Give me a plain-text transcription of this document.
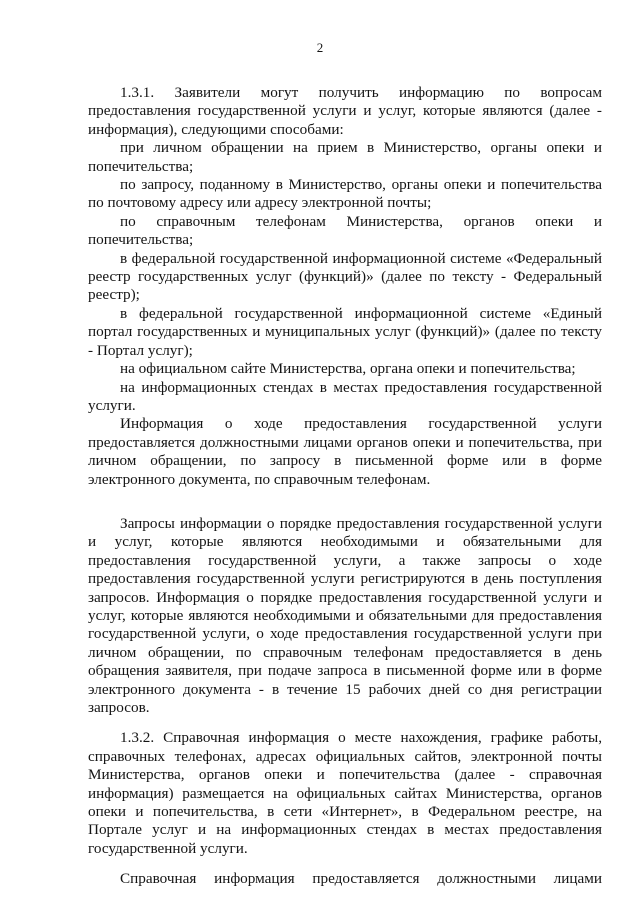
2

1.3.1. Заявители могут получить информацию по вопросам предоставления государственной услуги и услуг, которые являются (далее - информация), следующими способами:

при личном обращении на прием в Министерство, органы опеки и попечительства;

по запросу, поданному в Министерство, органы опеки и попечительства по почтовому адресу или адресу электронной почты;

по справочным телефонам Министерства, органов опеки и попечительства;

в федеральной государственной информационной системе «Федеральный реестр государственных услуг (функций)» (далее по тексту - Федеральный реестр);

в федеральной государственной информационной системе «Единый портал государственных и муниципальных услуг (функций)» (далее по тексту - Портал услуг);

на официальном сайте Министерства, органа опеки и попечительства;

на информационных стендах в местах предоставления государственной услуги.

Информация о ходе предоставления государственной услуги предоставляется должностными лицами органов опеки и попечительства, при личном обращении, по запросу в письменной форме или в форме электронного документа, по справочным телефонам.

Запросы информации о порядке предоставления государственной услуги и услуг, которые являются необходимыми и обязательными для предоставления государственной услуги, а также запросы о ходе предоставления государственной услуги регистрируются в день поступления запросов. Информация о порядке предоставления государственной услуги и услуг, которые являются необходимыми и обязательными для предоставления государственной услуги, о ходе предоставления государственной услуги при личном обращении, по справочным телефонам предоставляется в день обращения заявителя, при подаче запроса в письменной форме или в форме электронного документа - в течение 15 рабочих дней со дня регистрации запросов.

1.3.2. Справочная информация о месте нахождения, графике работы, справочных телефонах, адресах официальных сайтов, электронной почты Министерства, органов опеки и попечительства (далее - справочная информация) размещается на официальных сайтах Министерства, органов опеки и попечительства, в сети «Интернет», в Федеральном реестре, на Портале услуг и на информационных стендах в местах предоставления государственной услуги.

Справочная информация предоставляется должностными лицами
